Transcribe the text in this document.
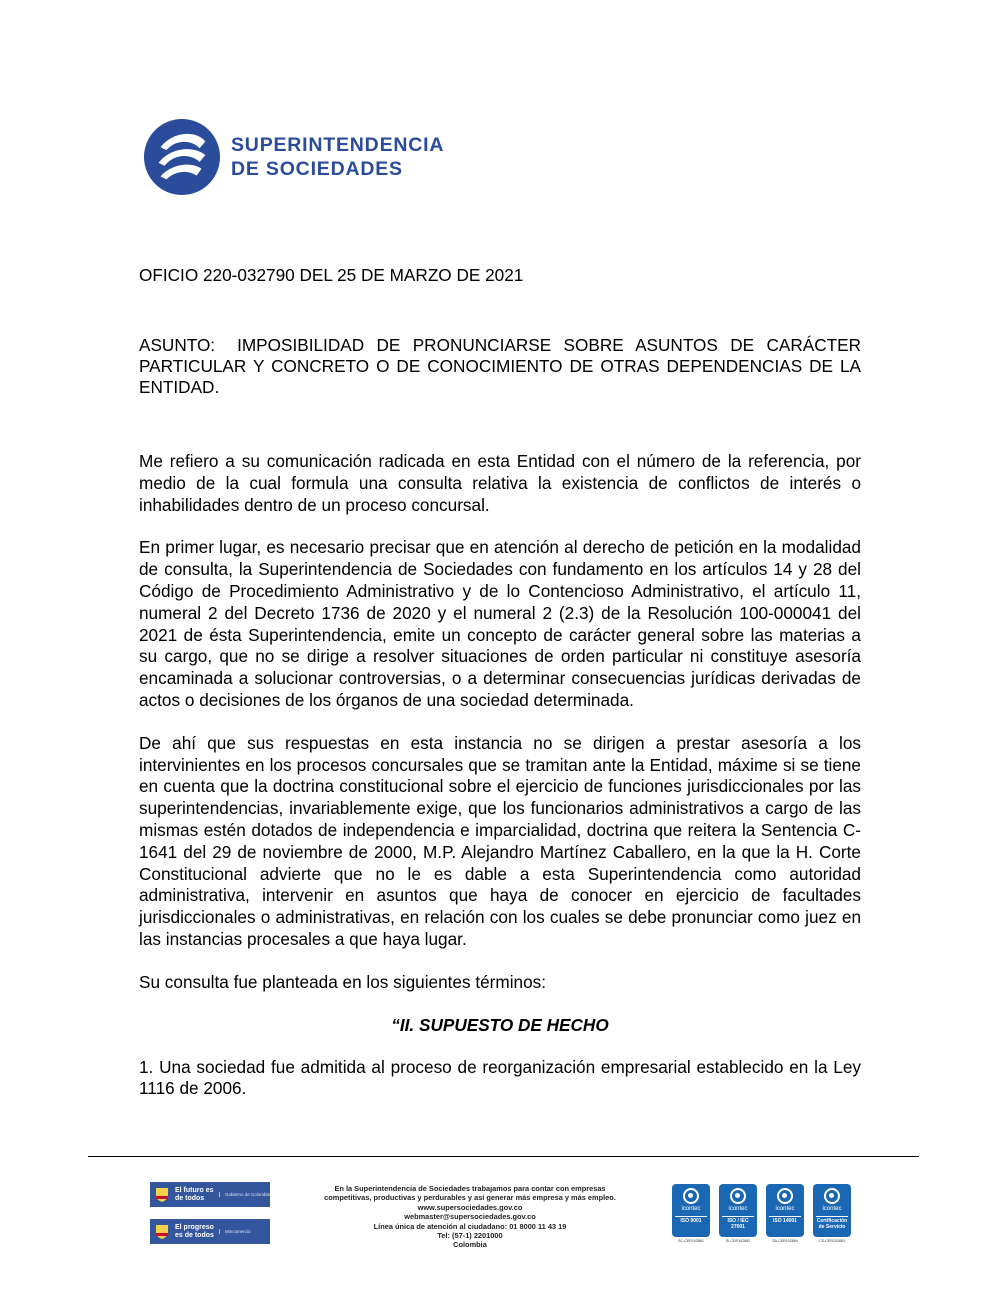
SUPERINTENDENCIA
DE SOCIEDADES
OFICIO 220-032790 DEL 25 DE MARZO DE 2021
ASUNTO: IMPOSIBILIDAD DE PRONUNCIARSE SOBRE ASUNTOS DE CARÁCTER PARTICULAR Y CONCRETO O DE CONOCIMIENTO DE OTRAS DEPENDENCIAS DE LA ENTIDAD.

Me refiero a su comunicación radicada en esta Entidad con el número de la referencia, por medio de la cual formula una consulta relativa la existencia de conflictos de interés o inhabilidades dentro de un proceso concursal.

En primer lugar, es necesario precisar que en atención al derecho de petición en la modalidad de consulta, la Superintendencia de Sociedades con fundamento en los artículos 14 y 28 del Código de Procedimiento Administrativo y de lo Contencioso Administrativo, el artículo 11, numeral 2 del Decreto 1736 de 2020 y el numeral 2 (2.3) de la Resolución 100-000041 del 2021 de ésta Superintendencia, emite un concepto de carácter general sobre las materias a su cargo, que no se dirige a resolver situaciones de orden particular ni constituye asesoría encaminada a solucionar controversias, o a determinar consecuencias jurídicas derivadas de actos o decisiones de los órganos de una sociedad determinada.

De ahí que sus respuestas en esta instancia no se dirigen a prestar asesoría a los intervinientes en los procesos concursales que se tramitan ante la Entidad, máxime si se tiene en cuenta que la doctrina constitucional sobre el ejercicio de funciones jurisdiccionales por las superintendencias, invariablemente exige, que los funcionarios administrativos a cargo de las mismas estén dotados de independencia e imparcialidad, doctrina que reitera la Sentencia C-1641 del 29 de noviembre de 2000, M.P. Alejandro Martínez Caballero, en la que la H. Corte Constitucional advierte que no le es dable a esta Superintendencia como autoridad administrativa, intervenir en asuntos que haya de conocer en ejercicio de facultades jurisdiccionales o administrativas, en relación con los cuales se debe pronunciar como juez en las instancias procesales a que haya lugar.

Su consulta fue planteada en los siguientes términos:

“II. SUPUESTO DE HECHO

1. Una sociedad fue admitida al proceso de reorganización empresarial establecido en la Ley 1116 de 2006.

El futuro es de todos	Gobierno de Colombia
El progreso es de todos	Mincomercio
En la Superintendencia de Sociedades trabajamos para contar con empresas
competitivas, productivas y perdurables y así generar más empresa y más empleo.
www.supersociedades.gov.co
webmaster@supersociedades.gov.co
Línea única de atención al ciudadano: 01 8000 11 43 19
Tel: (57-1) 2201000
Colombia
icontec
ISO 9001
SC-CER102861
icontec
ISO / IEC 27001
SI-CER102862
icontec
ISO 14001
SA-CER102864
icontec
Certificación de Servicio
CS-CER102863
